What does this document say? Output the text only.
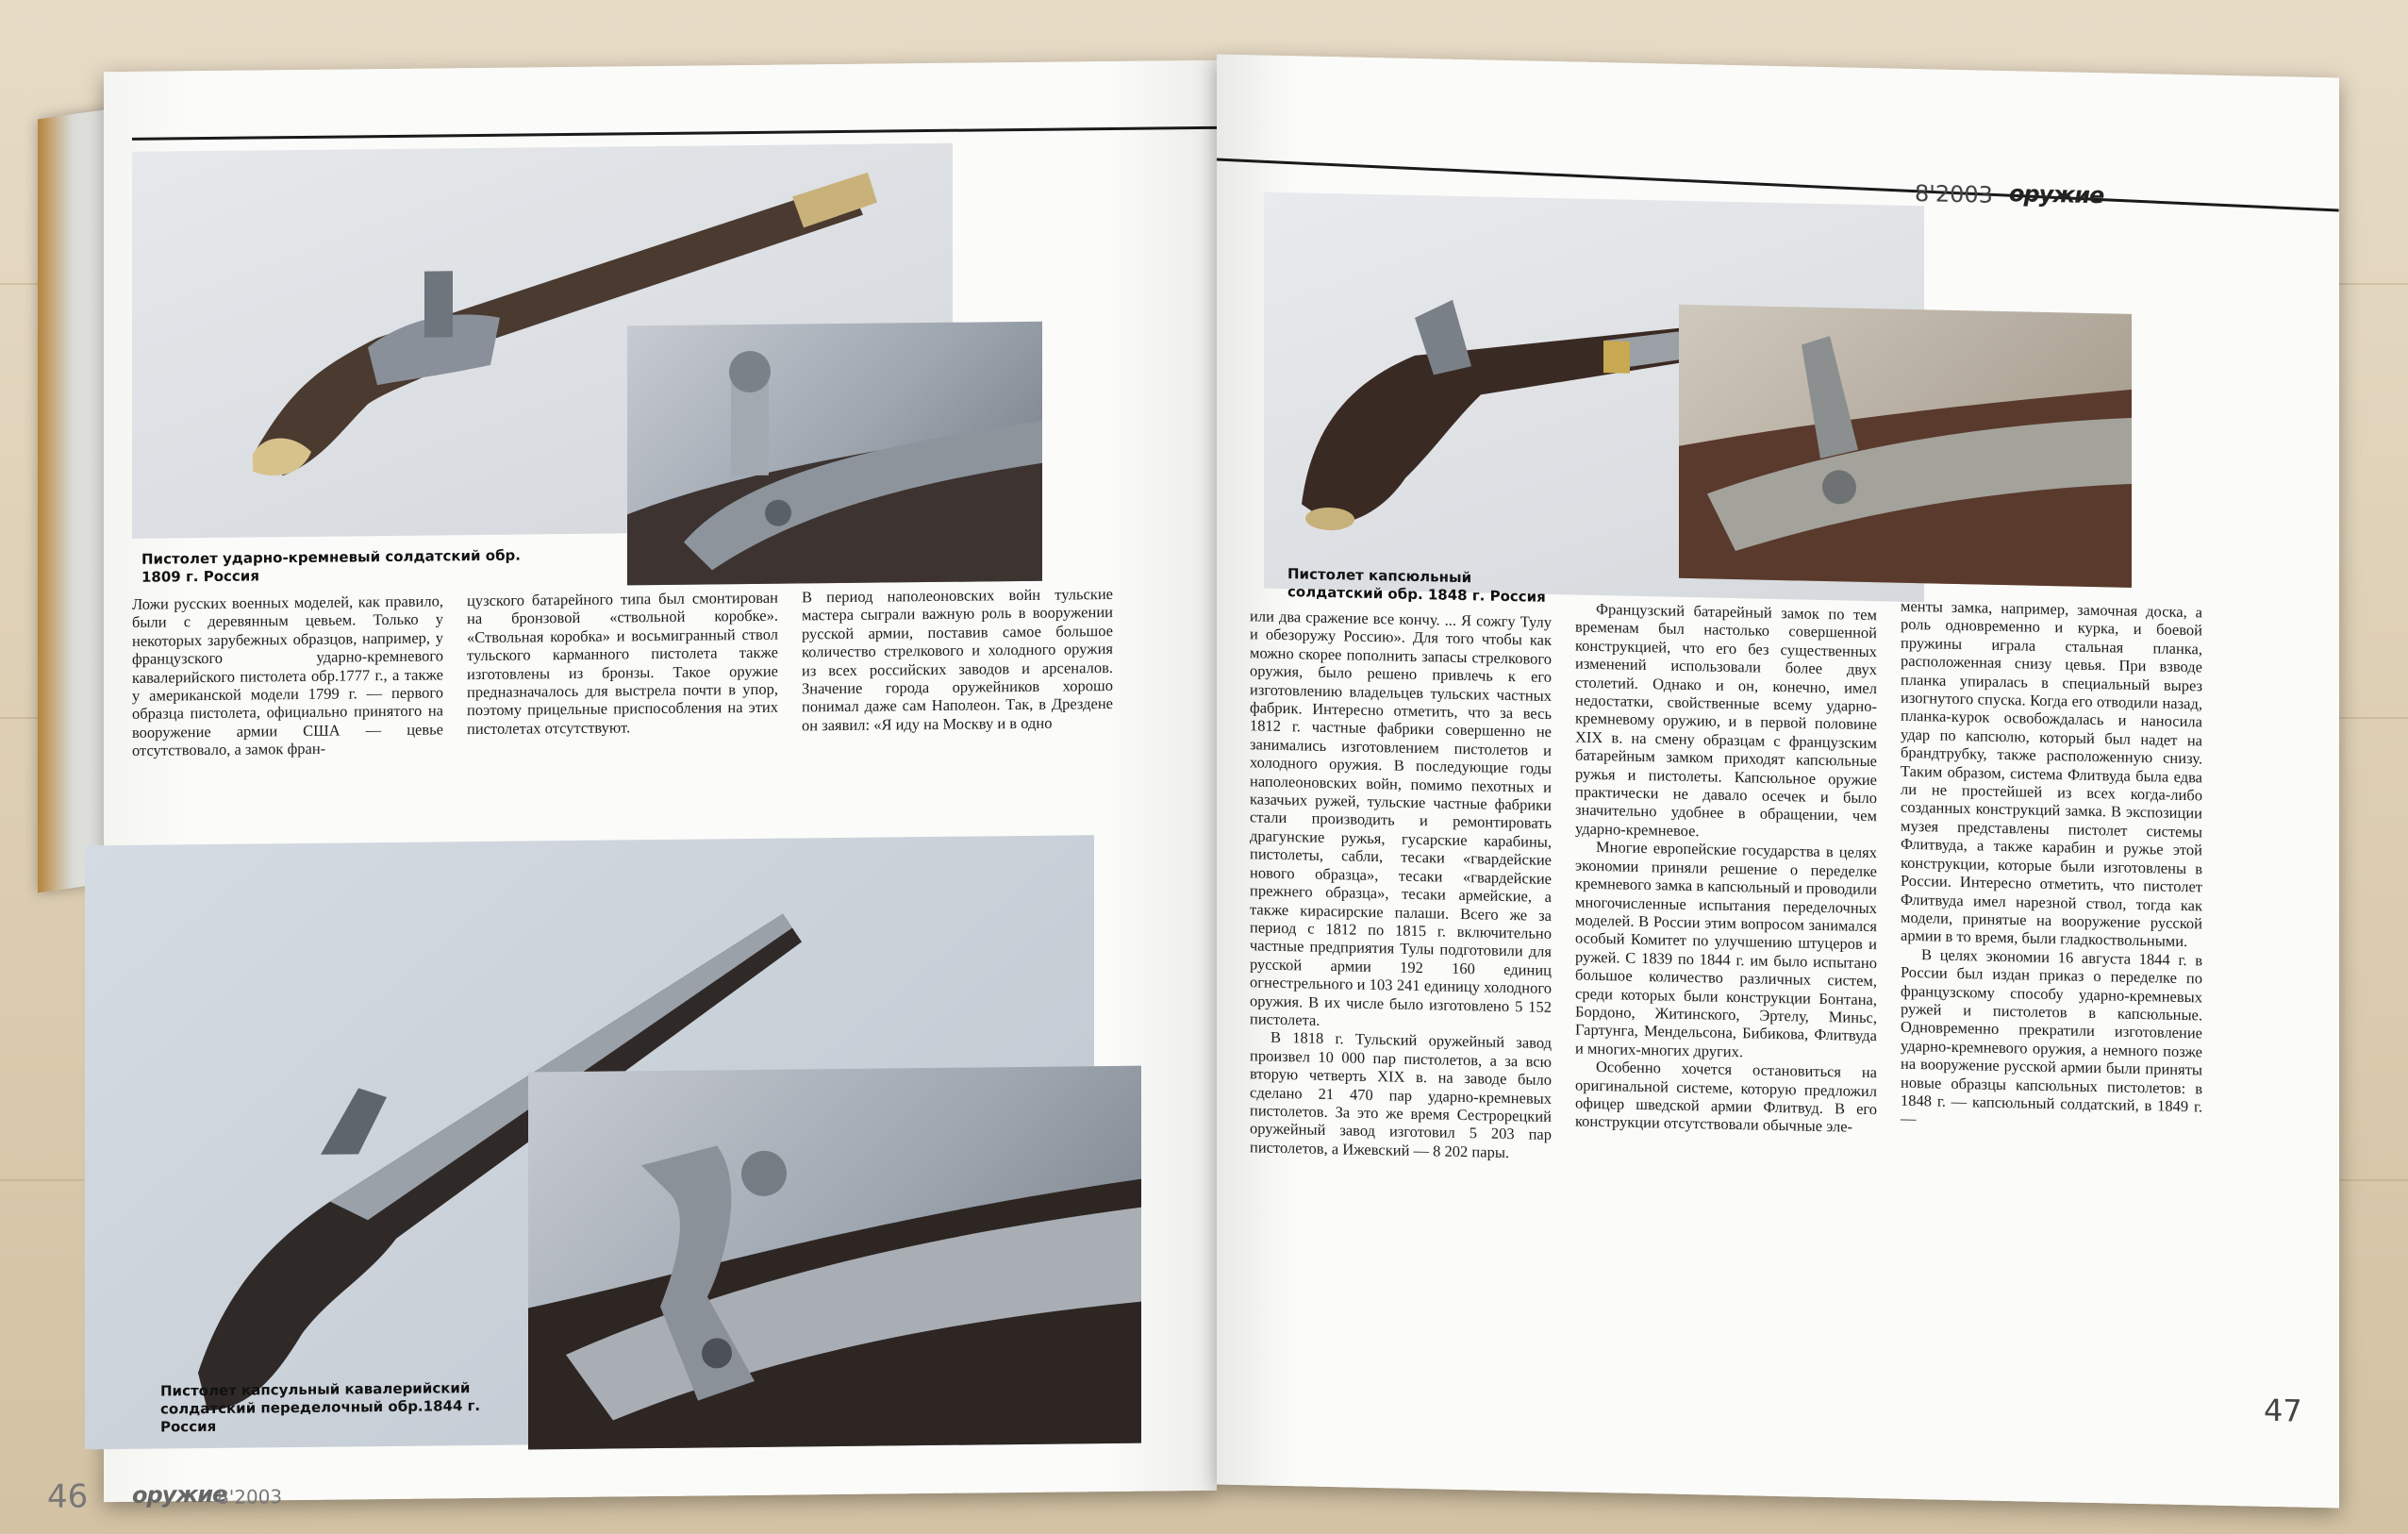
Пистолет ударно-кремневый солдатский обр. 1809 г. Россия
Ложи русских военных моделей, как правило, были с деревянным цевьем. Только у некоторых зарубежных образцов, например, у французского ударно-кремневого кавалерийского пистолета обр.1777 г., а также у американской модели 1799 г. — первого образца пистолета, официально принятого на вооружение армии США — цевье отсутствовало, а замок фран-
цузского батарейного типа был смонтирован на бронзовой «ствольной коробке». «Ствольная коробка» и восьмигранный ствол тульского карманного пистолета также изготовлены из бронзы. Такое оружие предназначалось для выстрела почти в упор, поэтому прицельные приспособления на этих пистолетах отсутствуют.
В период наполеоновских войн тульские мастера сыграли важную роль в вооружении русской армии, поставив самое большое количество стрелкового и холодного оружия из всех российских заводов и арсеналов. Значение города оружейников хорошо понимал даже сам Наполеон. Так, в Дрездене он заявил: «Я иду на Москву и в одно
Пистолет капсульный кавалерийский солдатский переделочный обр.1844 г. Россия
46 оружие
8'2003
8'2003 оружие
Пистолет капсюльный солдатский обр. 1848 г. Россия
или два сражение все кончу. ... Я сожгу Тулу и обезоружу Россию». Для того чтобы как можно скорее пополнить запасы стрелкового оружия, было решено привлечь к его изготовлению владельцев тульских частных фабрик. Интересно отметить, что за весь 1812 г. частные фабрики совершенно не занимались изготовлением пистолетов и холодного оружия. В последующие годы наполеоновских войн, помимо пехотных и казачьих ружей, тульские частные фабрики стали производить и ремонтировать драгунские ружья, гусарские карабины, пистолеты, сабли, тесаки «гвардейские нового образца», тесаки «гвардейские прежнего образца», тесаки армейские, а также кирасирские палаши. Всего же за период с 1812 по 1815 г. включительно частные предприятия Тулы подготовили для русской армии 192 160 единиц огнестрельного и 103 241 единицу холодного оружия. В их числе было изготовлено 5 152 пистолета.

В 1818 г. Тульский оружейный завод произвел 10 000 пар пистолетов, а за всю вторую четверть XIX в. на заводе было сделано 21 470 пар ударно-кремневых пистолетов. За это же время Сестрорецкий оружейный завод изготовил 5 203 пар пистолетов, а Ижевский — 8 202 пары.
Французский батарейный замок по тем временам был настолько совершенной конструкцией, что его без существенных изменений использовали более двух столетий. Однако и он, конечно, имел недостатки, свойственные всему ударно-кремневому оружию, и в первой половине XIX в. на смену образцам с французским батарейным замком приходят капсюльные ружья и пистолеты. Капсюльное оружие практически не давало осечек и было значительно удобнее в обращении, чем ударно-кремневое.
Многие европейские государства в целях экономии приняли решение о переделке кремневого замка в капсюльный и проводили многочисленные испытания переделочных моделей. В России этим вопросом занимался особый Комитет по улучшению штуцеров и ружей. С 1839 по 1844 г. им было испытано большое количество различных систем, среди которых были конструкции Бонтана, Бордоно, Житинского, Эртелу, Миньс, Гартунга, Мендельсона, Бибикова, Флитвуда и многих-многих других.
Особенно хочется остановиться на оригинальной системе, которую предложил офицер шведской армии Флитвуд. В его конструкции отсутствовали обычные эле-
менты замка, например, замочная доска, а роль одновременно и курка, и боевой пружины играла стальная планка, расположенная снизу цевья. При взводе планка упиралась в специальный вырез изогнутого спуска. Когда его отводили назад, планка-курок освобождалась и наносила удар по капсюлю, который был надет на брандтрубку, также расположенную снизу. Таким образом, система Флитвуда была едва ли не простейшей из всех когда-либо созданных конструкций замка. В экспозиции музея представлены пистолет системы Флитвуда, а также карабин и ружье этой конструкции, которые были изготовлены в России. Интересно отметить, что пистолет Флитвуда имел нарезной ствол, тогда как модели, принятые на вооружение русской армии в то время, были гладкоствольными.
В целях экономии 16 августа 1844 г. в России был издан приказ о переделке по французскому способу ударно-кремневых ружей и пистолетов в капсюльные. Одновременно прекратили изготовление ударно-кремневого оружия, а немного позже на вооружение русской армии были приняты новые образцы капсюльных пистолетов: в 1848 г. — капсюльный солдатский, в 1849 г. —
47
